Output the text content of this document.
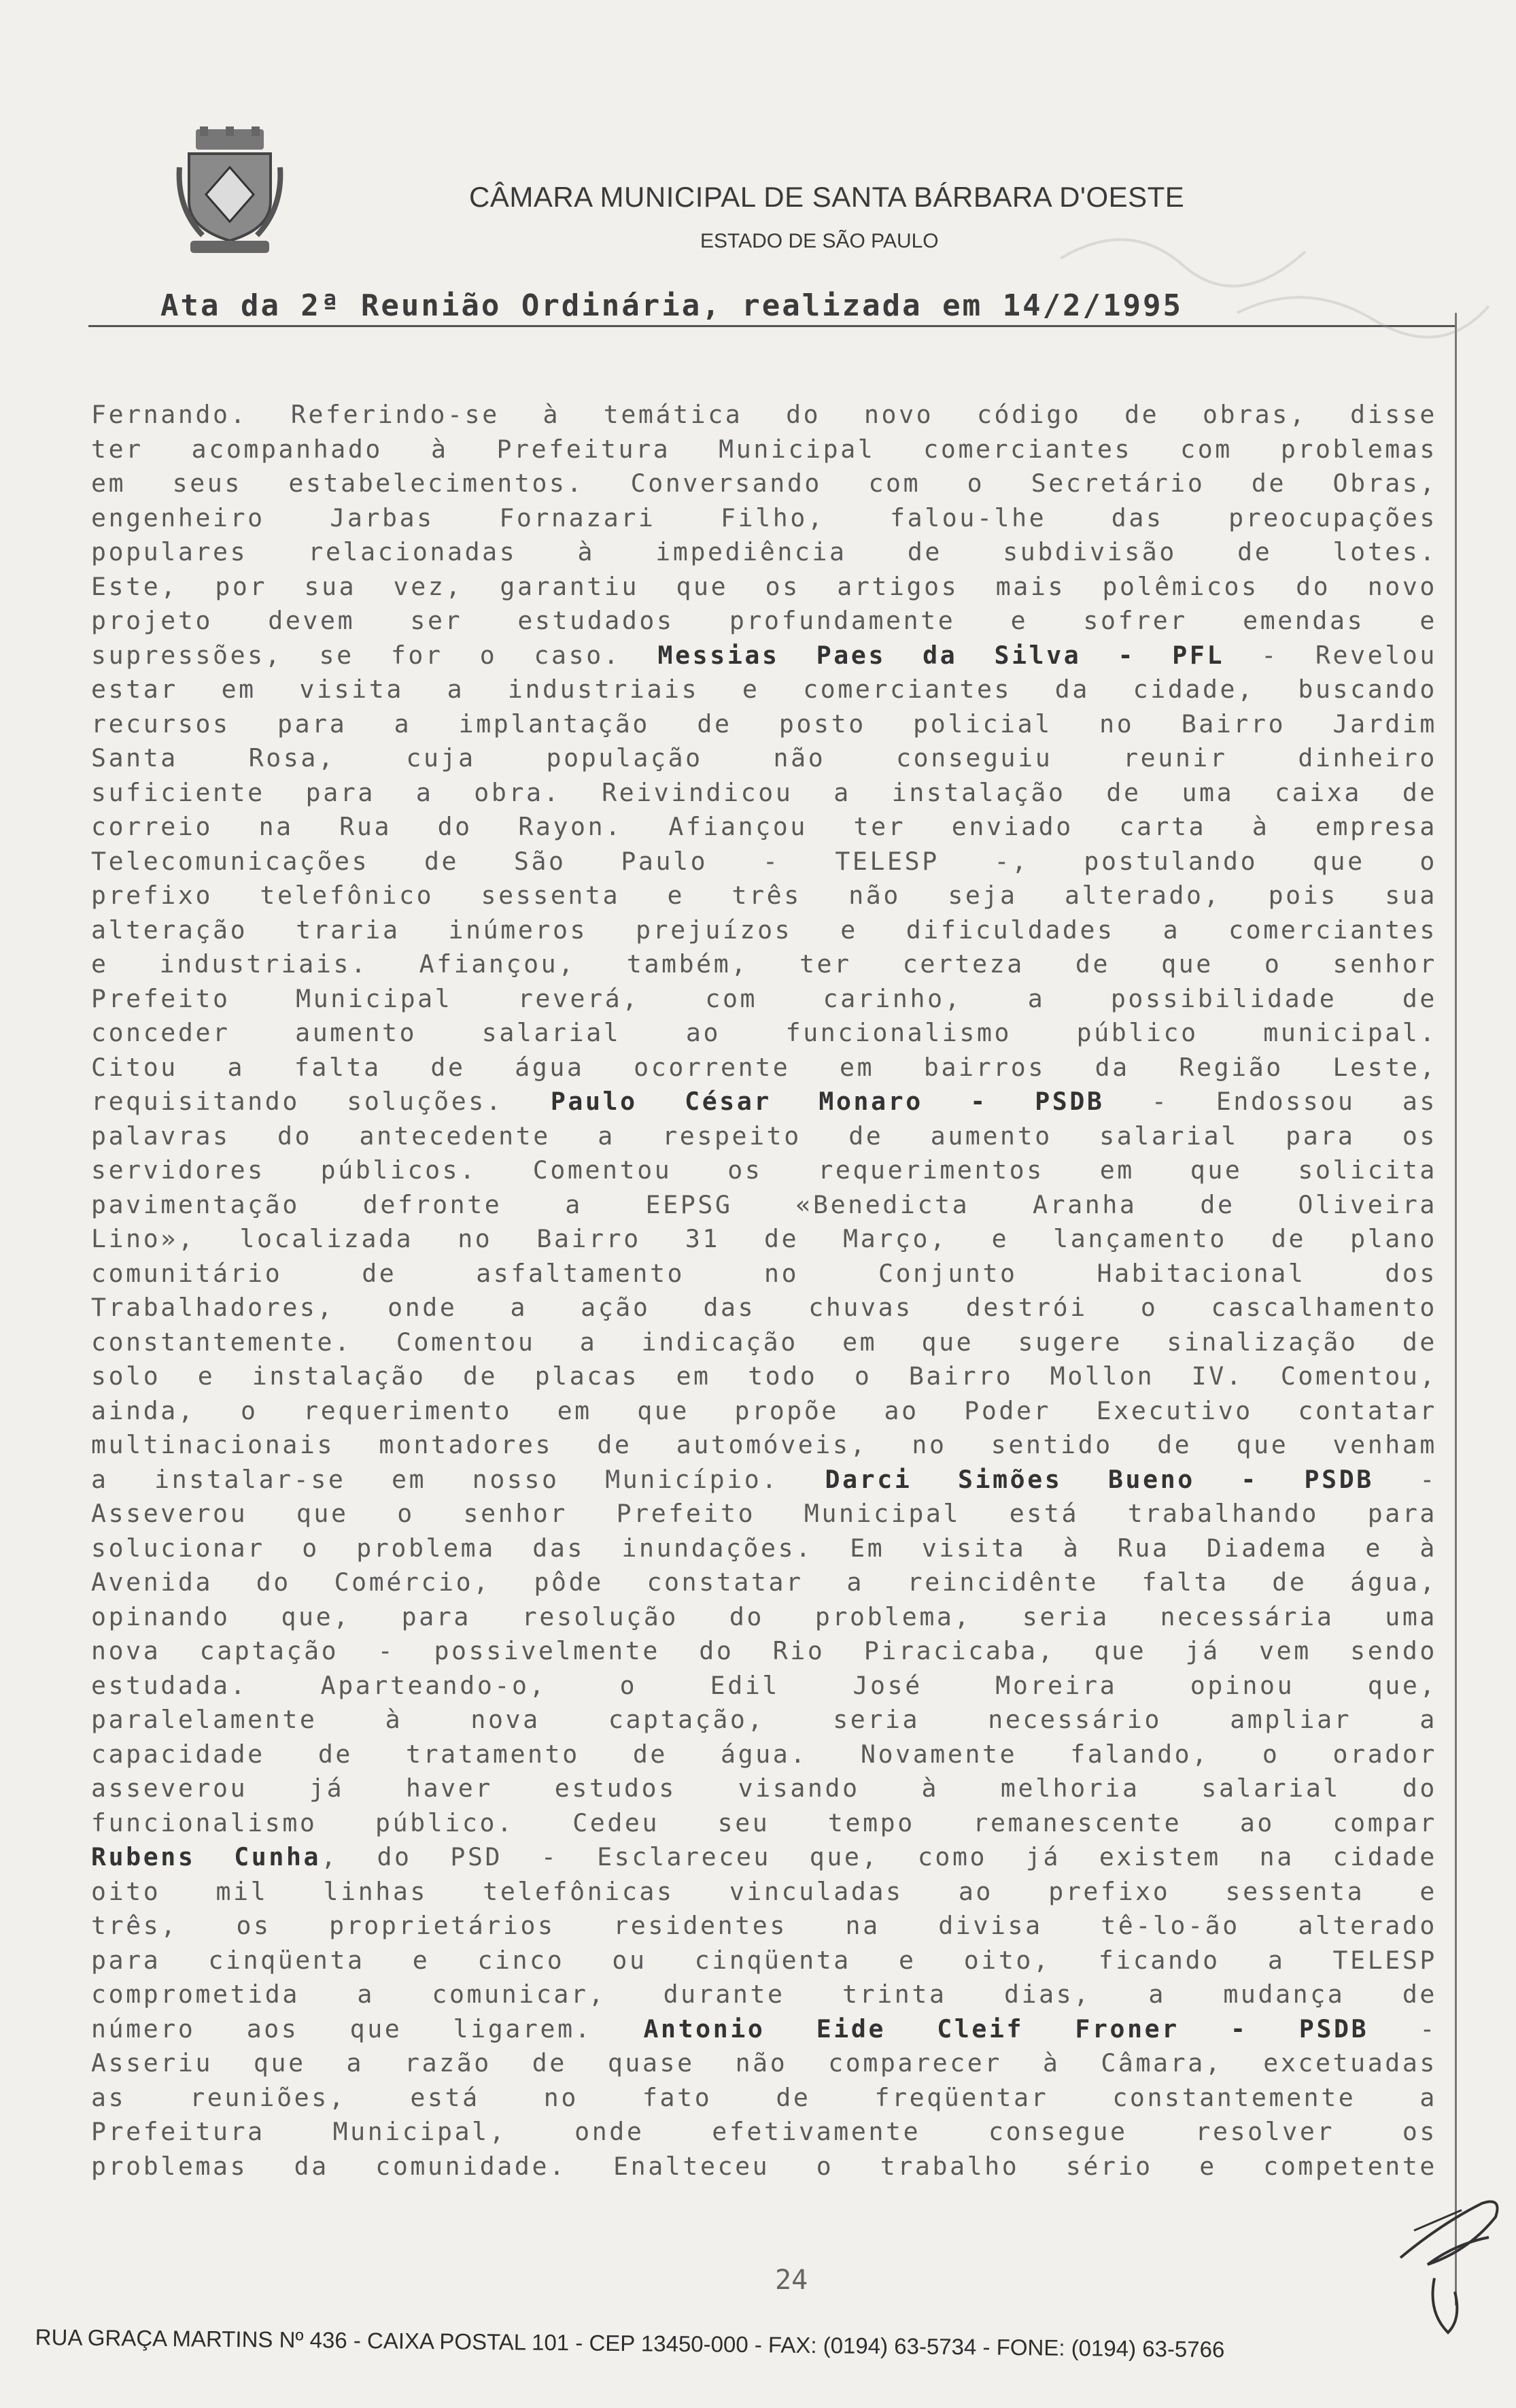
CÂMARA MUNICIPAL DE SANTA BÁRBARA D'OESTE
ESTADO DE SÃO PAULO
Ata da 2ª Reunião Ordinária, realizada em 14/2/1995
Fernando. Referindo-se à temática do novo código de obras, disse
ter acompanhado à Prefeitura Municipal comerciantes com problemas
em seus estabelecimentos. Conversando com o Secretário de Obras,
engenheiro Jarbas Fornazari Filho, falou-lhe das preocupações
populares relacionadas à impediência de subdivisão de lotes.
Este, por sua vez, garantiu que os artigos mais polêmicos do novo
projeto devem ser estudados profundamente e sofrer emendas e
supressões, se for o caso. Messias Paes da Silva - PFL - Revelou
estar em visita a industriais e comerciantes da cidade, buscando
recursos para a implantação de posto policial no Bairro Jardim
Santa Rosa, cuja população não conseguiu reunir dinheiro
suficiente para a obra. Reivindicou a instalação de uma caixa de
correio na Rua do Rayon. Afiançou ter enviado carta à empresa
Telecomunicações de São Paulo - TELESP -, postulando que o
prefixo telefônico sessenta e três não seja alterado, pois sua
alteração traria inúmeros prejuízos e dificuldades a comerciantes
e industriais. Afiançou, também, ter certeza de que o senhor
Prefeito Municipal reverá, com carinho, a possibilidade de
conceder aumento salarial ao funcionalismo público municipal.
Citou a falta de água ocorrente em bairros da Região Leste,
requisitando soluções. Paulo César Monaro - PSDB - Endossou as
palavras do antecedente a respeito de aumento salarial para os
servidores públicos. Comentou os requerimentos em que solicita
pavimentação defronte a EEPSG «Benedicta Aranha de Oliveira
Lino», localizada no Bairro 31 de Março, e lançamento de plano
comunitário de asfaltamento no Conjunto Habitacional dos
Trabalhadores, onde a ação das chuvas destrói o cascalhamento
constantemente. Comentou a indicação em que sugere sinalização de
solo e instalação de placas em todo o Bairro Mollon IV. Comentou,
ainda, o requerimento em que propõe ao Poder Executivo contatar
multinacionais montadores de automóveis, no sentido de que venham
a instalar-se em nosso Município. Darci Simões Bueno - PSDB -
Asseverou que o senhor Prefeito Municipal está trabalhando para
solucionar o problema das inundações. Em visita à Rua Diadema e à
Avenida do Comércio, pôde constatar a reincidênte falta de água,
opinando que, para resolução do problema, seria necessária uma
nova captação - possivelmente do Rio Piracicaba, que já vem sendo
estudada. Aparteando-o, o Edil José Moreira opinou que,
paralelamente à nova captação, seria necessário ampliar a
capacidade de tratamento de água. Novamente falando, o orador
asseverou já haver estudos visando à melhoria salarial do
funcionalismo público. Cedeu seu tempo remanescente ao compar
Rubens Cunha, do PSD - Esclareceu que, como já existem na cidade
oito mil linhas telefônicas vinculadas ao prefixo sessenta e
três, os proprietários residentes na divisa tê-lo-ão alterado
para cinqüenta e cinco ou cinqüenta e oito, ficando a TELESP
comprometida a comunicar, durante trinta dias, a mudança de
número aos que ligarem. Antonio Eide Cleif Froner - PSDB -
Asseriu que a razão de quase não comparecer à Câmara, excetuadas
as reuniões, está no fato de freqüentar constantemente a
Prefeitura Municipal, onde efetivamente consegue resolver os
problemas da comunidade. Enalteceu o trabalho sério e competente
24
RUA GRAÇA MARTINS Nº 436 - CAIXA POSTAL 101 - CEP 13450-000 - FAX: (0194) 63-5734 - FONE: (0194) 63-5766
